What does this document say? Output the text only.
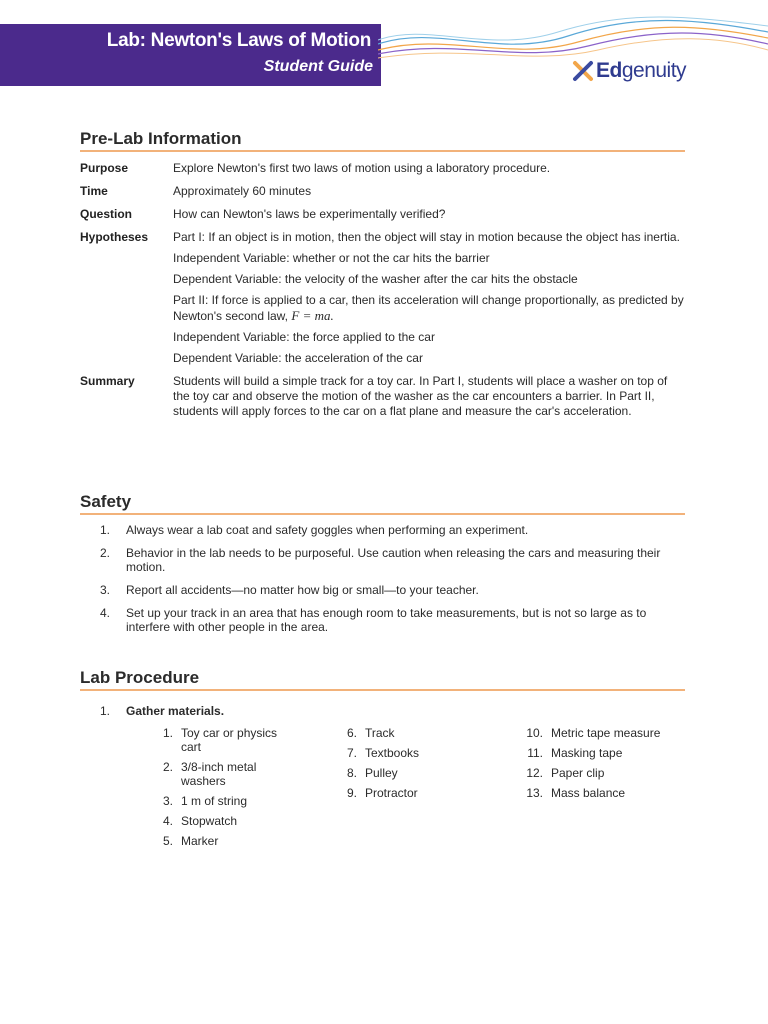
Lab: Newton's Laws of Motion
Student Guide	Edgenuity
Pre-Lab Information
Purpose	Explore Newton's first two laws of motion using a laboratory procedure.
Time	Approximately 60 minutes
Question	How can Newton's laws be experimentally verified?
Hypotheses	Part I: If an object is in motion, then the object will stay in motion because the object has inertia.

Independent Variable: whether or not the car hits the barrier

Dependent Variable: the velocity of the washer after the car hits the obstacle

Part II: If force is applied to a car, then its acceleration will change proportionally, as predicted by Newton's second law, F = ma.

Independent Variable: the force applied to the car

Dependent Variable: the acceleration of the car

Summary	Students will build a simple track for a toy car. In Part I, students will place a washer on top of the toy car and observe the motion of the washer as the car encounters a barrier. In Part II, students will apply forces to the car on a flat plane and measure the car's acceleration.
Safety
1.	Always wear a lab coat and safety goggles when performing an experiment.
2.	Behavior in the lab needs to be purposeful. Use caution when releasing the cars and measuring their motion.
3.	Report all accidents—no matter how big or small—to your teacher.
4.	Set up your track in an area that has enough room to take measurements, but is not so large as to interfere with other people in the area.
Lab Procedure
1.	Gather materials.
1. Toy car or physics cart
2. 3/8-inch metal washers
3. 1 m of string
4. Stopwatch
5. Marker
6. Track
7. Textbooks
8. Pulley
9. Protractor
10. Metric tape measure
11. Masking tape
12. Paper clip
13. Mass balance
